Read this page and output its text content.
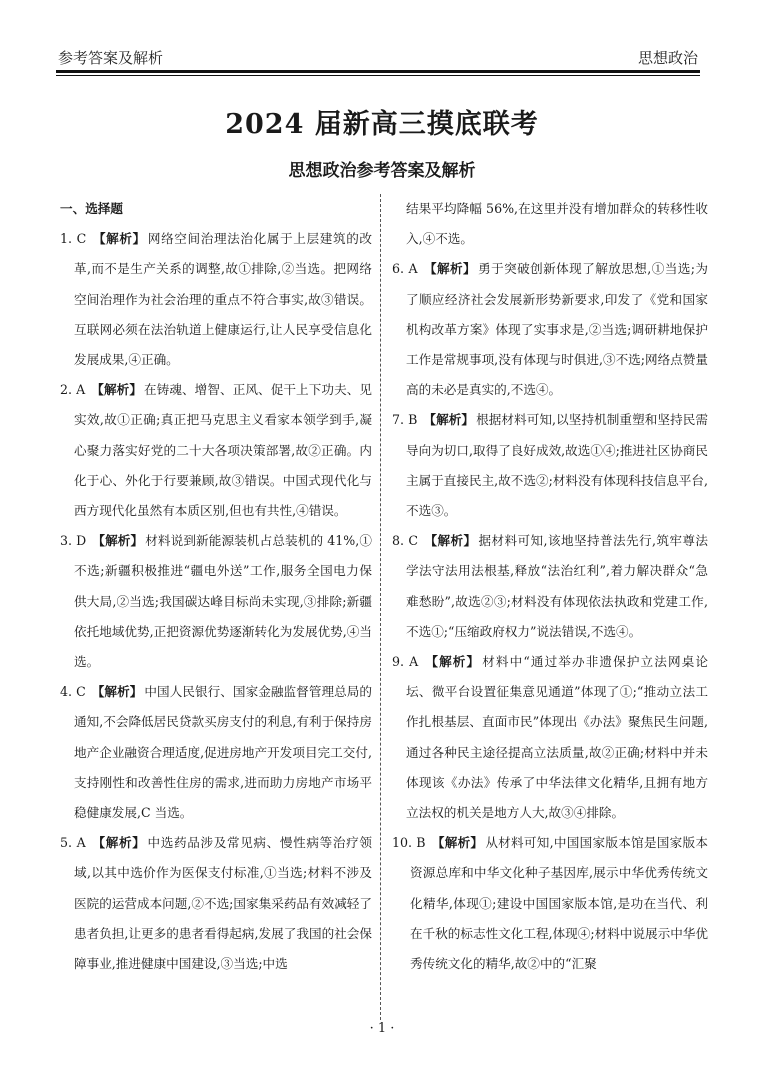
参考答案及解析	思想政治
2024 届新高三摸底联考
思想政治参考答案及解析
一、选择题
1. C 【解析】 网络空间治理法治化属于上层建筑的改革,而不是生产关系的调整,故①排除,②当选。把网络空间治理作为社会治理的重点不符合事实,故③错误。互联网必须在法治轨道上健康运行,让人民享受信息化发展成果,④正确。
2. A 【解析】 在铸魂、增智、正风、促干上下功夫、见实效,故①正确;真正把马克思主义看家本领学到手,凝心聚力落实好党的二十大各项决策部署,故②正确。内化于心、外化于行要兼顾,故③错误。中国式现代化与西方现代化虽然有本质区别,但也有共性,④错误。
3. D 【解析】 材料说到新能源装机占总装机的 41%,①不选;新疆积极推进“疆电外送”工作,服务全国电力保供大局,②当选;我国碳达峰目标尚未实现,③排除;新疆依托地域优势,正把资源优势逐渐转化为发展优势,④当选。
4. C 【解析】 中国人民银行、国家金融监督管理总局的通知,不会降低居民贷款买房支付的利息,有利于保持房地产企业融资合理适度,促进房地产开发项目完工交付,支持刚性和改善性住房的需求,进而助力房地产市场平稳健康发展,C 当选。
5. A 【解析】 中选药品涉及常见病、慢性病等治疗领域,以其中选价作为医保支付标准,①当选;材料不涉及医院的运营成本问题,②不选;国家集采药品有效减轻了患者负担,让更多的患者看得起病,发展了我国的社会保障事业,推进健康中国建设,③当选;中选
结果平均降幅 56%,在这里并没有增加群众的转移性收入,④不选。
6. A 【解析】 勇于突破创新体现了解放思想,①当选;为了顺应经济社会发展新形势新要求,印发了《党和国家机构改革方案》体现了实事求是,②当选;调研耕地保护工作是常规事项,没有体现与时俱进,③不选;网络点赞量高的未必是真实的,不选④。
7. B 【解析】 根据材料可知,以坚持机制重塑和坚持民需导向为切口,取得了良好成效,故选①④;推进社区协商民主属于直接民主,故不选②;材料没有体现科技信息平台,不选③。
8. C 【解析】 据材料可知,该地坚持普法先行,筑牢尊法学法守法用法根基,释放“法治红利”,着力解决群众“急难愁盼”,故选②③;材料没有体现依法执政和党建工作,不选①;“压缩政府权力”说法错误,不选④。
9. A 【解析】 材料中“通过举办非遗保护立法网桌论坛、微平台设置征集意见通道”体现了①;“推动立法工作扎根基层、直面市民”体现出《办法》聚焦民生问题,通过各种民主途径提高立法质量,故②正确;材料中并未体现该《办法》传承了中华法律文化精华,且拥有地方立法权的机关是地方人大,故③④排除。
10. B 【解析】 从材料可知,中国国家版本馆是国家版本资源总库和中华文化种子基因库,展示中华优秀传统文化精华,体现①;建设中国国家版本馆,是功在当代、利在千秋的标志性文化工程,体现④;材料中说展示中华优秀传统文化的精华,故②中的“汇聚
· 1 ·
